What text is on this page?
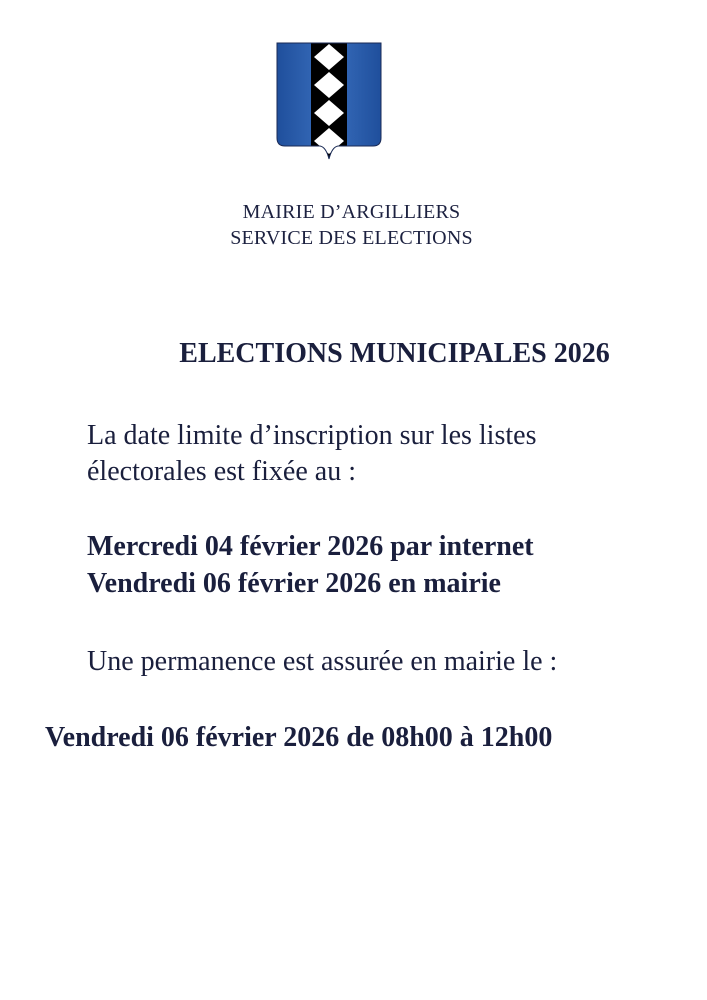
MAIRIE D’ARGILLIERS
SERVICE DES ELECTIONS
ELECTIONS MUNICIPALES 2026
La date limite d’inscription sur les listes
électorales est fixée au :
Mercredi 04 février 2026 par internet
Vendredi 06 février 2026 en mairie
Une permanence est assurée en mairie le :
Vendredi 06 février 2026 de 08h00 à 12h00
